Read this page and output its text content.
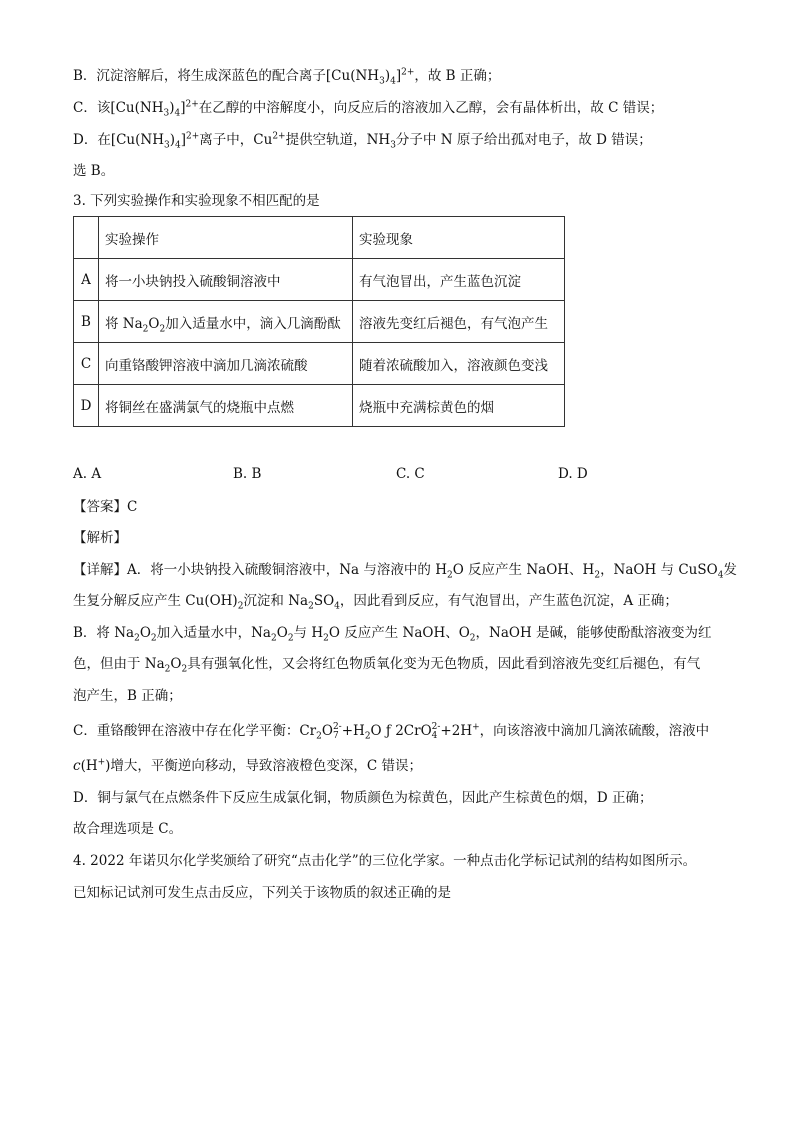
B．沉淀溶解后，将生成深蓝色的配合离子$[Cu(NH_3)_4]^{2+}$，故 B 正确；
C．该$[Cu(NH_3)_4]^{2+}$在乙醇的中溶解度小，向反应后的溶液加入乙醇，会有晶体析出，故 C 错误；
D．在$[Cu(NH_3)_4]^{2+}$离子中，$Cu^{2+}$提供空轨道，$NH_3$分子中 N 原子给出孤对电子，故 D 错误；
选 B。
3. 下列实验操作和实验现象不相匹配的是
	实验操作	实验现象
A	将一小块钠投入硫酸铜溶液中	有气泡冒出，产生蓝色沉淀
B	将 $Na_2O_2$加入适量水中，滴入几滴酚酞	溶液先变红后褪色，有气泡产生
C	向重铬酸钾溶液中滴加几滴浓硫酸	随着浓硫酸加入，溶液颜色变浅
D	将铜丝在盛满氯气的烧瓶中点燃	烧瓶中充满棕黄色的烟
A. A	B. B	C. C	D. D
【答案】C
【解析】
【详解】A．将一小块钠投入硫酸铜溶液中，Na 与溶液中的 $H_2O$ 反应产生 NaOH、$H_2$，NaOH 与 CuSO$_4$发
生复分解反应产生 $Cu(OH)_2$沉淀和 $Na_2SO_4$，因此看到反应，有气泡冒出，产生蓝色沉淀，A 正确；
B．将 $Na_2O_2$加入适量水中，$Na_2O_2$与 $H_2O$ 反应产生 NaOH、$O_2$，NaOH 是碱，能够使酚酞溶液变为红
色，但由于 $Na_2O_2$具有强氧化性，又会将红色物质氧化变为无色物质，因此看到溶液先变红后褪色，有气
泡产生，B 正确；
C．重铬酸钾在溶液中存在化学平衡：$Cr_2O$ 2-
$7 +H_2O$ ƒ 2CrO 2-
4 +2H+，向该溶液中滴加几滴浓硫酸，溶液中
c(H+)增大，平衡逆向移动，导致溶液橙色变深，C 错误；
D．铜与氯气在点燃条件下反应生成氯化铜，物质颜色为棕黄色，因此产生棕黄色的烟，D 正确；
故合理选项是 C。
4. 2022 年诺贝尔化学奖颁给了研究“点击化学”的三位化学家。一种点击化学标记试剂的结构如图所示。
已知标记试剂可发生点击反应，下列关于该物质的叙述正确的是
